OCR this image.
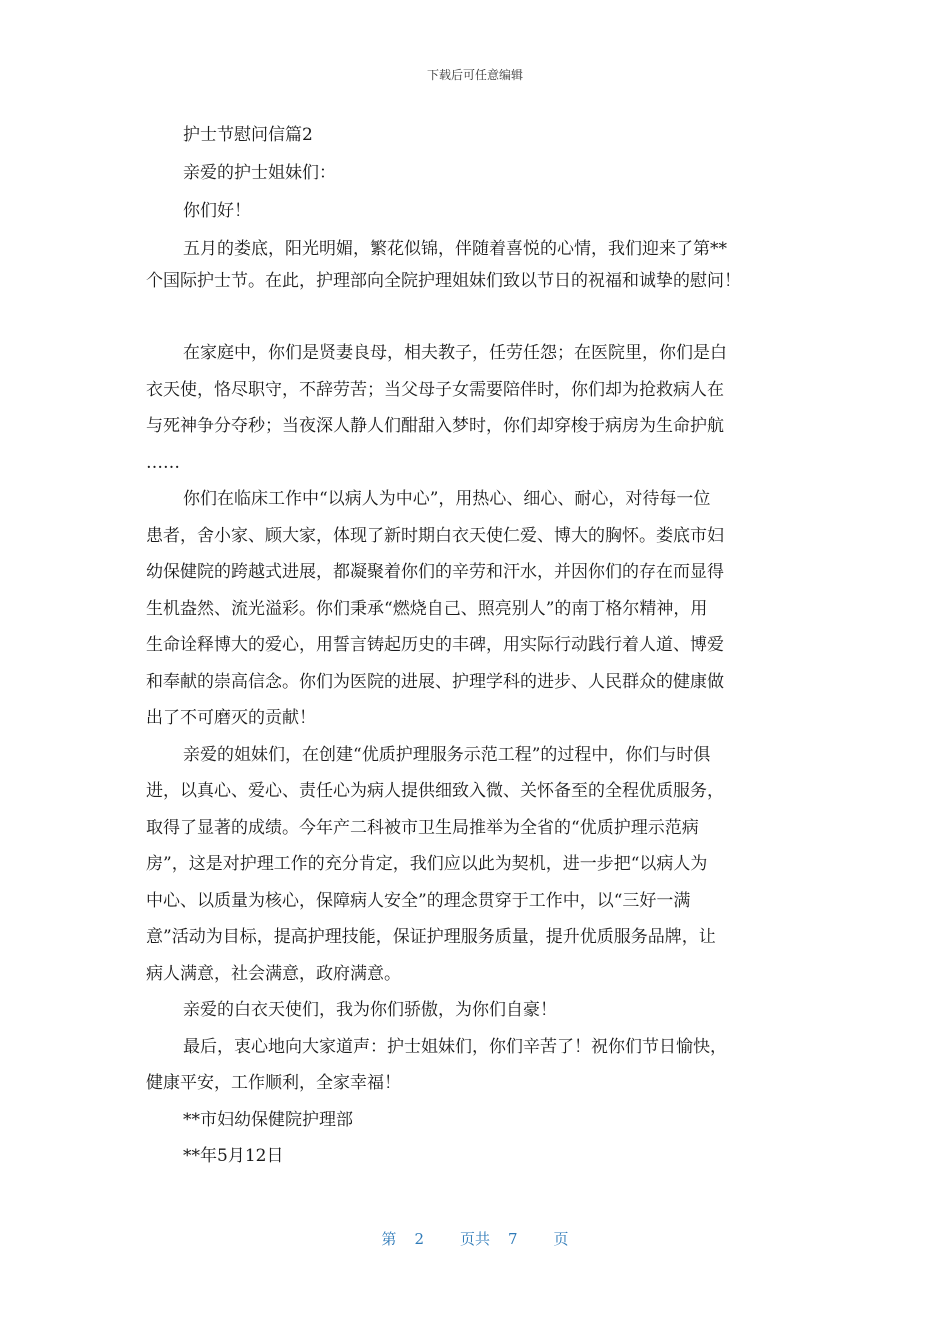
下载后可任意编辑
护士节慰问信篇2
亲爱的护士姐妹们：
你们好！
五月的娄底，阳光明媚，繁花似锦，伴随着喜悦的心情，我们迎来了第**
个国际护士节。在此，护理部向全院护理姐妹们致以节日的祝福和诚挚的慰问！
在家庭中，你们是贤妻良母，相夫教子，任劳任怨；在医院里，你们是白
衣天使，恪尽职守，不辞劳苦；当父母子女需要陪伴时，你们却为抢救病人在
与死神争分夺秒；当夜深人静人们酣甜入梦时，你们却穿梭于病房为生命护航
……
你们在临床工作中“以病人为中心”，用热心、细心、耐心，对待每一位
患者，舍小家、顾大家，体现了新时期白衣天使仁爱、博大的胸怀。娄底市妇
幼保健院的跨越式进展，都凝聚着你们的辛劳和汗水，并因你们的存在而显得
生机盎然、流光溢彩。你们秉承“燃烧自己、照亮别人”的南丁格尔精神，用
生命诠释博大的爱心，用誓言铸起历史的丰碑，用实际行动践行着人道、博爱
和奉献的崇高信念。你们为医院的进展、护理学科的进步、人民群众的健康做
出了不可磨灭的贡献！
亲爱的姐妹们，在创建“优质护理服务示范工程”的过程中，你们与时俱
进，以真心、爱心、责任心为病人提供细致入微、关怀备至的全程优质服务，
取得了显著的成绩。今年产二科被市卫生局推举为全省的“优质护理示范病
房”，这是对护理工作的充分肯定，我们应以此为契机，进一步把“以病人为
中心、以质量为核心，保障病人安全”的理念贯穿于工作中，以“三好一满
意”活动为目标，提高护理技能，保证护理服务质量，提升优质服务品牌，让
病人满意，社会满意，政府满意。
亲爱的白衣天使们，我为你们骄傲，为你们自豪！
最后，衷心地向大家道声：护士姐妹们，你们辛苦了！祝你们节日愉快，
健康平安，工作顺利，全家幸福！
**市妇幼保健院护理部
**年5月12日
第 2 页共 7 页
